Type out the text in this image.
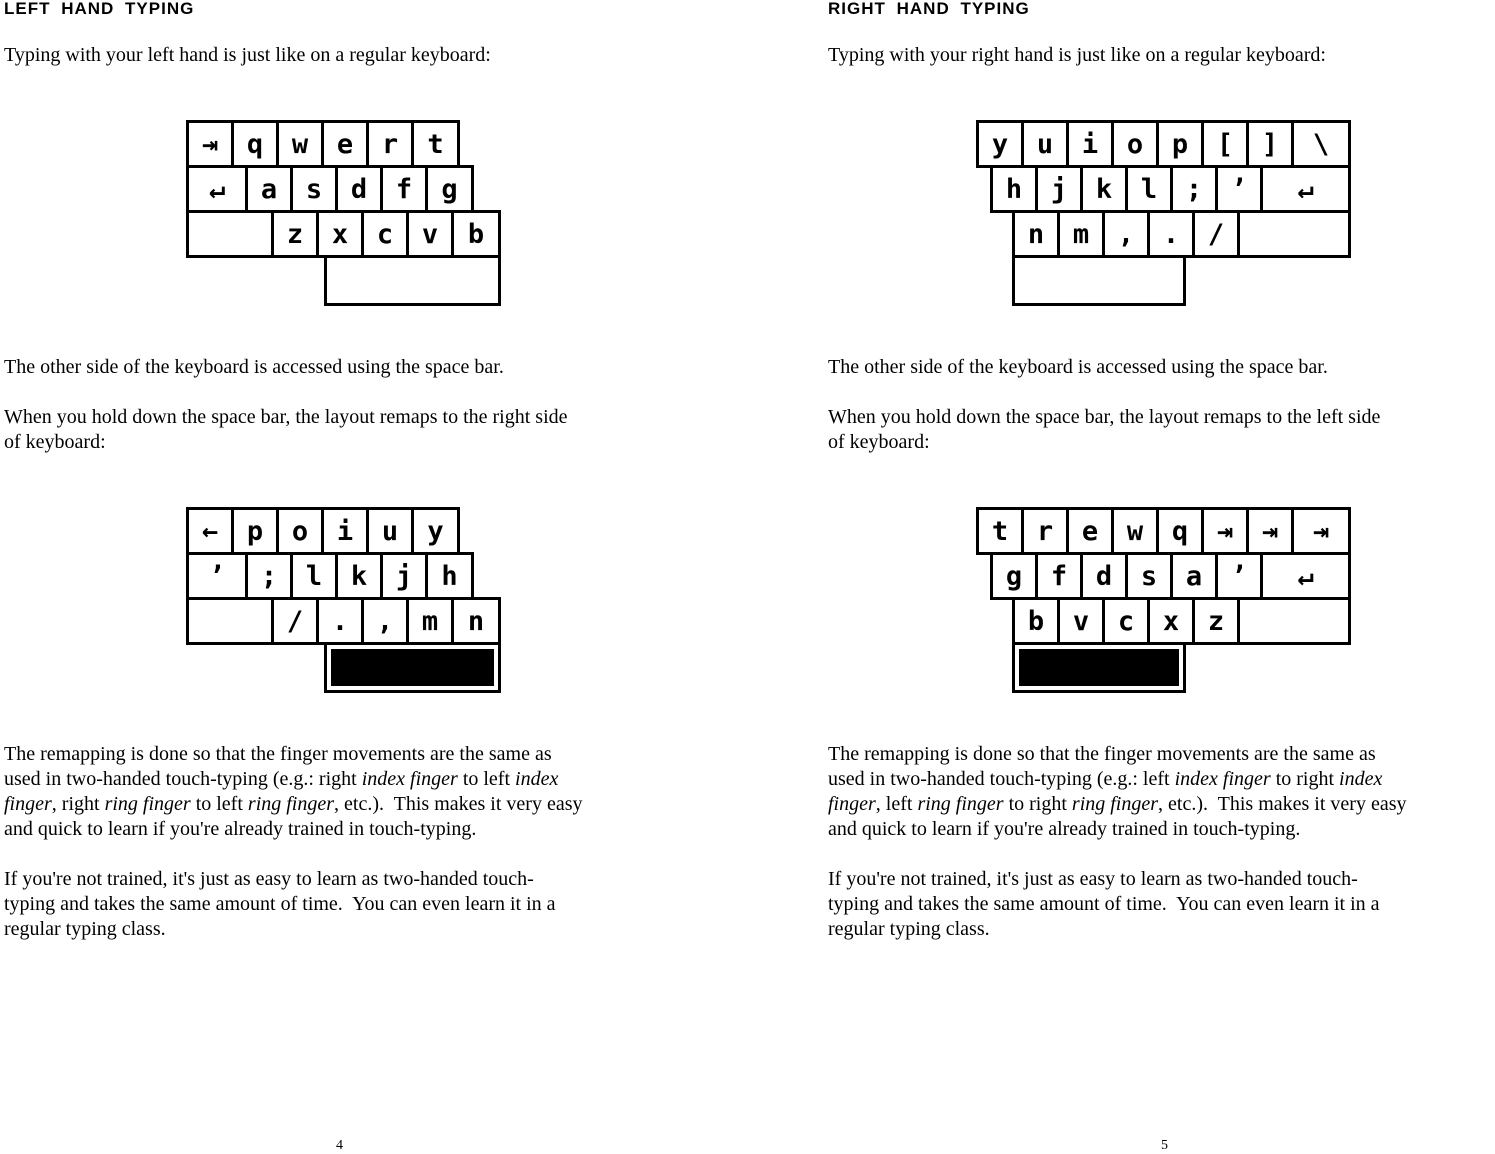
LEFT HAND TYPING

Typing with your left hand is just like on a regular keyboard:

⇥	q	w	e	r	t
↵	a	s	d	f	g
z	x	c	v	b

The other side of the keyboard is accessed using the space bar.

When you hold down the space bar, the layout remaps to the right side

of keyboard:

←	p	o	i	u	y
’	;	l	k	j	h
/	.	,	m	n

The remapping is done so that the finger movements are the same as

used in two-handed touch-typing (e.g.: right index finger to left index

finger, right ring finger to left ring finger, etc.).  This makes it very easy

and quick to learn if you're already trained in touch-typing.

If you're not trained, it's just as easy to learn as two-handed touch-

typing and takes the same amount of time.  You can even learn it in a

regular typing class.

4
RIGHT HAND TYPING

Typing with your right hand is just like on a regular keyboard:

y	u	i	o	p	[	]	\
h	j	k	l	;	’	↵
n	m	,	.	/

The other side of the keyboard is accessed using the space bar.

When you hold down the space bar, the layout remaps to the left side

of keyboard:

t	r	e	w	q	⇥	⇥	⇥
g	f	d	s	a	’	↵
b	v	c	x	z

The remapping is done so that the finger movements are the same as

used in two-handed touch-typing (e.g.: left index finger to right index

finger, left ring finger to right ring finger, etc.).  This makes it very easy

and quick to learn if you're already trained in touch-typing.

If you're not trained, it's just as easy to learn as two-handed touch-

typing and takes the same amount of time.  You can even learn it in a

regular typing class.

5
